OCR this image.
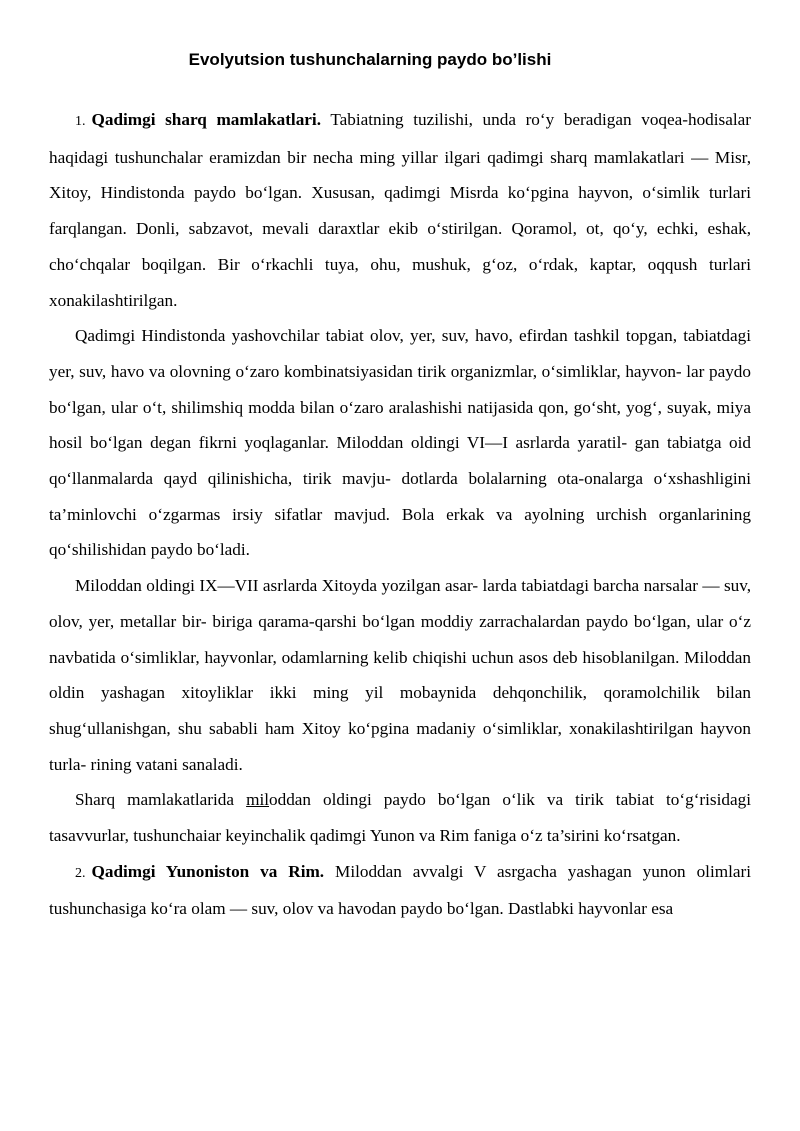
Evolyutsion tushunchalarning paydo bo’lishi

1. Qadimgi sharq mamlakatlari. Tabiatning tuzilishi, unda ro‘y beradigan voqea-hodisalar haqidagi tushunchalar eramizdan bir necha ming yillar ilgari qadimgi sharq mamlakatlari — Misr, Xitoy, Hindistonda paydo bo‘lgan. Xususan, qadimgi Misrda ko‘pgina hayvon, o‘simlik turlari farqlangan. Donli, sabzavot, mevali daraxtlar ekib o‘stirilgan. Qoramol, ot, qo‘y, echki, eshak, cho‘chqalar boqilgan. Bir o‘rkachli tuya, ohu, mushuk, g‘oz, o‘rdak, kaptar, oqqush turlari xonakilashtirilgan.

Qadimgi Hindistonda yashovchilar tabiat olov, yer, suv, havo, efirdan tashkil topgan, tabiatdagi yer, suv, havo va olovning o‘zaro kombinatsiyasidan tirik organizmlar, o‘simliklar, hayvon- lar paydo bo‘lgan, ular o‘t, shilimshiq modda bilan o‘zaro aralashishi natijasida qon, go‘sht, yog‘, suyak, miya hosil bo‘lgan degan fikrni yoqlaganlar. Miloddan oldingi VI—I asrlarda yaratil- gan tabiatga oid qo‘llanmalarda qayd qilinishicha, tirik mavju- dotlarda bolalarning ota-onalarga o‘xshashligini ta’minlovchi o‘zgarmas irsiy sifatlar mavjud. Bola erkak va ayolning urchish organlarining qo‘shilishidan paydo bo‘ladi.

Miloddan oldingi IX—VII asrlarda Xitoyda yozilgan asar- larda tabiatdagi barcha narsalar — suv, olov, yer, metallar bir- biriga qarama-qarshi bo‘lgan moddiy zarrachalardan paydo bo‘lgan, ular o‘z navbatida o‘simliklar, hayvonlar, odamlarning kelib chiqishi uchun asos deb hisoblanilgan. Miloddan oldin yashagan xitoyliklar ikki ming yil mobaynida dehqonchilik, qoramolchilik bilan shug‘ullanishgan, shu sababli ham Xitoy ko‘pgina madaniy o‘simliklar, xonakilashtirilgan hayvon turla- rining vatani sanaladi.

Sharq mamlakatlarida miloddan oldingi paydo bo‘lgan o‘lik va tirik tabiat to‘g‘risidagi tasavvurlar, tushunchaiar keyinchalik qadimgi Yunon va Rim faniga o‘z ta’sirini ko‘rsatgan.

2. Qadimgi Yunoniston va Rim. Miloddan avvalgi V asrgacha yashagan yunon olimlari tushunchasiga ko‘ra olam — suv, olov va havodan paydo bo‘lgan. Dastlabki hayvonlar esa
